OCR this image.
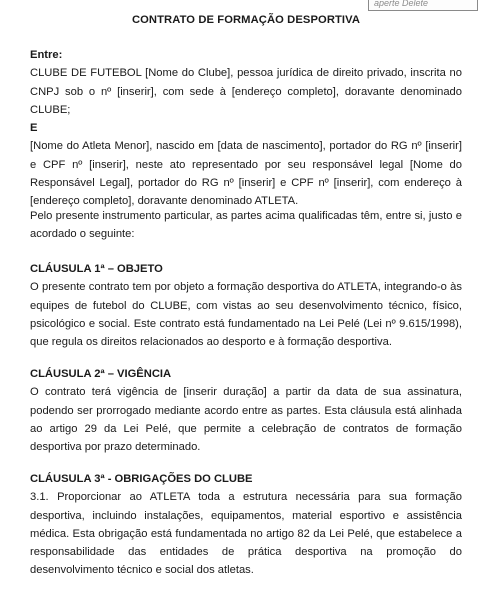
aperte Delete
CONTRATO DE FORMAÇÃO DESPORTIVA

Entre:

CLUBE DE FUTEBOL [Nome do Clube], pessoa jurídica de direito privado, inscrita no CNPJ sob o nº [inserir], com sede à [endereço completo], doravante denominado CLUBE;

E

[Nome do Atleta Menor], nascido em [data de nascimento], portador do RG nº [inserir] e CPF nº [inserir], neste ato representado por seu responsável legal [Nome do Responsável Legal], portador do RG nº [inserir] e CPF nº [inserir], com endereço à [endereço completo], doravante denominado ATLETA.

Pelo presente instrumento particular, as partes acima qualificadas têm, entre si, justo e acordado o seguinte:

CLÁUSULA 1ª – OBJETO

O presente contrato tem por objeto a formação desportiva do ATLETA, integrando-o às equipes de futebol do CLUBE, com vistas ao seu desenvolvimento técnico, físico, psicológico e social. Este contrato está fundamentado na Lei Pelé (Lei nº 9.615/1998), que regula os direitos relacionados ao desporto e à formação desportiva.

CLÁUSULA 2ª – VIGÊNCIA

O contrato terá vigência de [inserir duração] a partir da data de sua assinatura, podendo ser prorrogado mediante acordo entre as partes. Esta cláusula está alinhada ao artigo 29 da Lei Pelé, que permite a celebração de contratos de formação desportiva por prazo determinado.

CLÁUSULA 3ª - OBRIGAÇÕES DO CLUBE

3.1. Proporcionar ao ATLETA toda a estrutura necessária para sua formação desportiva, incluindo instalações, equipamentos, material esportivo e assistência médica. Esta obrigação está fundamentada no artigo 82 da Lei Pelé, que estabelece a responsabilidade das entidades de prática desportiva na promoção do desenvolvimento técnico e social dos atletas.
